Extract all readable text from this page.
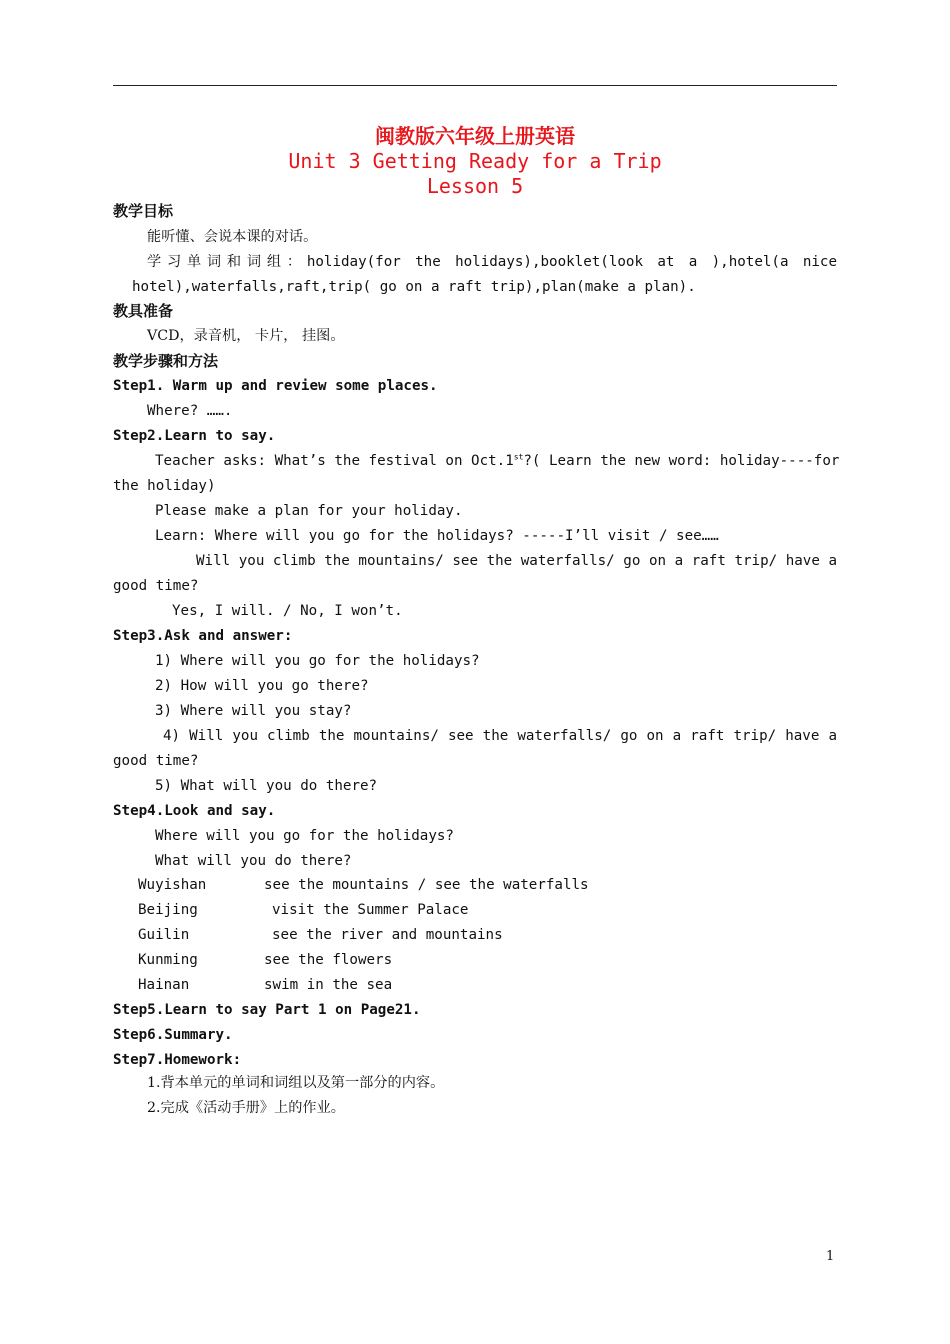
闽教版六年级上册英语
Unit 3 Getting Ready for a Trip
Lesson 5
教学目标
能听懂、会说本课的对话。
学习单词和词组：holiday(for the holidays),booklet(look at a ),hotel(a nice
hotel),waterfalls,raft,trip( go on a raft trip),plan(make a plan).
教具准备
VCD，录音机， 卡片， 挂图。
教学步骤和方法
Step1. Warm up and review some places.
Where? …….
Step2.Learn to say.
Teacher asks: What’s the festival on Oct.1st?( Learn the new word: holiday----for
the holiday)
Please make a plan for your holiday.
Learn: Where will you go for the holidays? -----I’ll visit / see……
Will you climb the mountains/ see the waterfalls/ go on a raft trip/ have a
good time?
Yes, I will. / No, I won’t.
Step3.Ask and answer:
1) Where will you go for the holidays?
2) How will you go there?
3) Where will you stay?
4) Will you climb the mountains/ see the waterfalls/ go on a raft trip/ have a
good time?
5) What will you do there?
Step4.Look and say.
Where will you go for the holidays?
What will you do there?
Wuyishan	see the mountains / see the waterfalls
Beijing	visit the Summer Palace
Guilin	see the river and mountains
Kunming	see the flowers
Hainan	swim in the sea
Step5.Learn to say Part 1 on Page21.
Step6.Summary.
Step7.Homework:
1.背本单元的单词和词组以及第一部分的内容。
2.完成《活动手册》上的作业。
1
